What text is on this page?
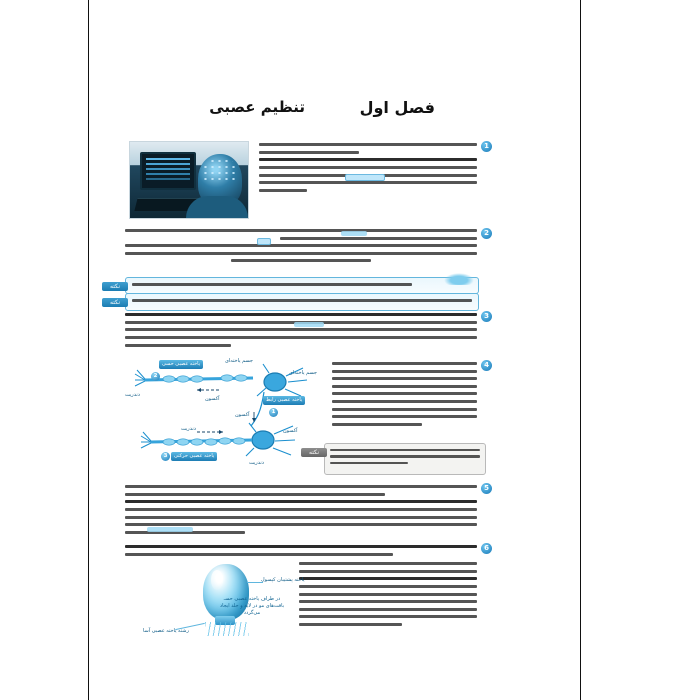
فصل اول
تنظیم عصبی
1
2
نکته
نکته
3
4
یاخته عصبی حسی
2
یاخته عصبی رابط
1
یاخته عصبی حرکتی
3
دندریت
جسم یاخته‌ای
جسم یاخته‌ای
آکسون
آکسون
دندریت
دندریت
آکسون
نکته
5
6
یاخته پشتیبان کپسول
رشته یاخته عصبی آسا
در طراف یاخته عصبی حسـ بافت‌های مو در لایه و جلد ایجاد می‌گردد
